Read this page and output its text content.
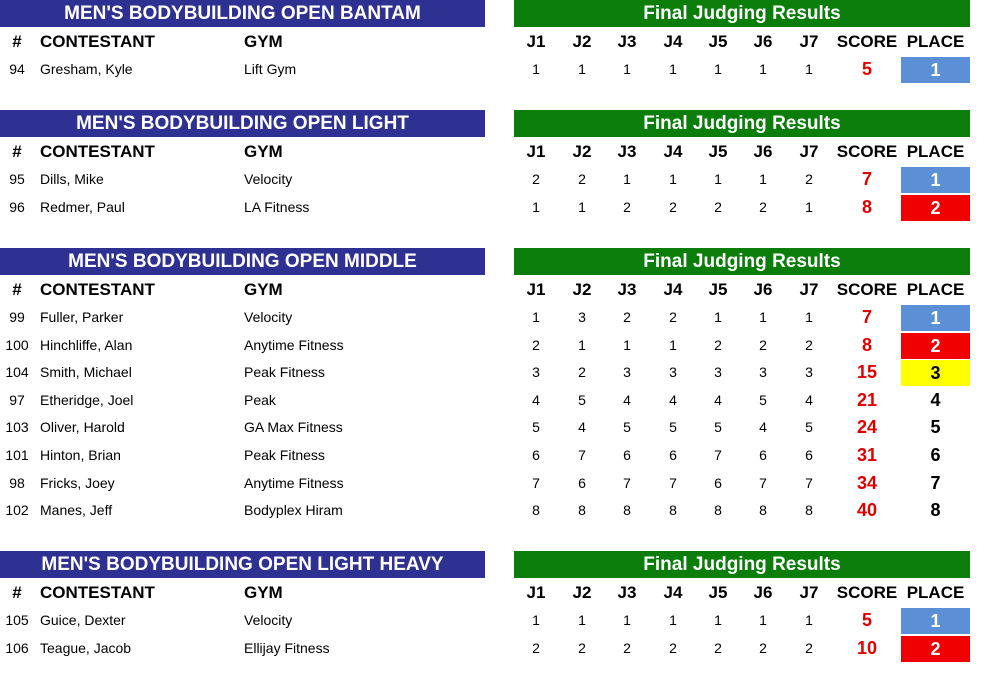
MEN'S BODYBUILDING OPEN BANTAM	Final Judging Results
#	CONTESTANT	GYM	J1	J2	J3	J4	J5	J6	J7	SCORE PLACE
94	Gresham, Kyle	Lift Gym	1	1	1	1	1	1	1	5	1
MEN'S BODYBUILDING OPEN LIGHT	Final Judging Results
#	CONTESTANT	GYM	J1	J2	J3	J4	J5	J6	J7	SCORE PLACE
95	Dills, Mike	Velocity	2	2	1	1	1	1	2	7	1
96	Redmer, Paul	LA Fitness	1	1	2	2	2	2	1	8	2
MEN'S BODYBUILDING OPEN MIDDLE	Final Judging Results
#	CONTESTANT	GYM	J1	J2	J3	J4	J5	J6	J7	SCORE PLACE
99	Fuller, Parker	Velocity	1	3	2	2	1	1	1	7	1
100 Hinchliffe, Alan	Anytime Fitness	2	1	1	1	2	2	2	8	2
104 Smith, Michael	Peak Fitness	3	2	3	3	3	3	3	15	3
97	Etheridge, Joel	Peak	4	5	4	4	4	5	4	21	4
103 Oliver, Harold	GA Max Fitness	5	4	5	5	5	4	5	24	5
101 Hinton, Brian	Peak Fitness	6	7	6	6	7	6	6	31	6
98	Fricks, Joey	Anytime Fitness	7	6	7	7	6	7	7	34	7
102 Manes, Jeff	Bodyplex Hiram	8	8	8	8	8	8	8	40	8
MEN'S BODYBUILDING OPEN LIGHT HEAVY	Final Judging Results
#	CONTESTANT	GYM	J1	J2	J3	J4	J5	J6	J7	SCORE PLACE
105 Guice, Dexter	Velocity	1	1	1	1	1	1	1	5	1
106 Teague, Jacob	Ellijay Fitness	2	2	2	2	2	2	2	10	2
